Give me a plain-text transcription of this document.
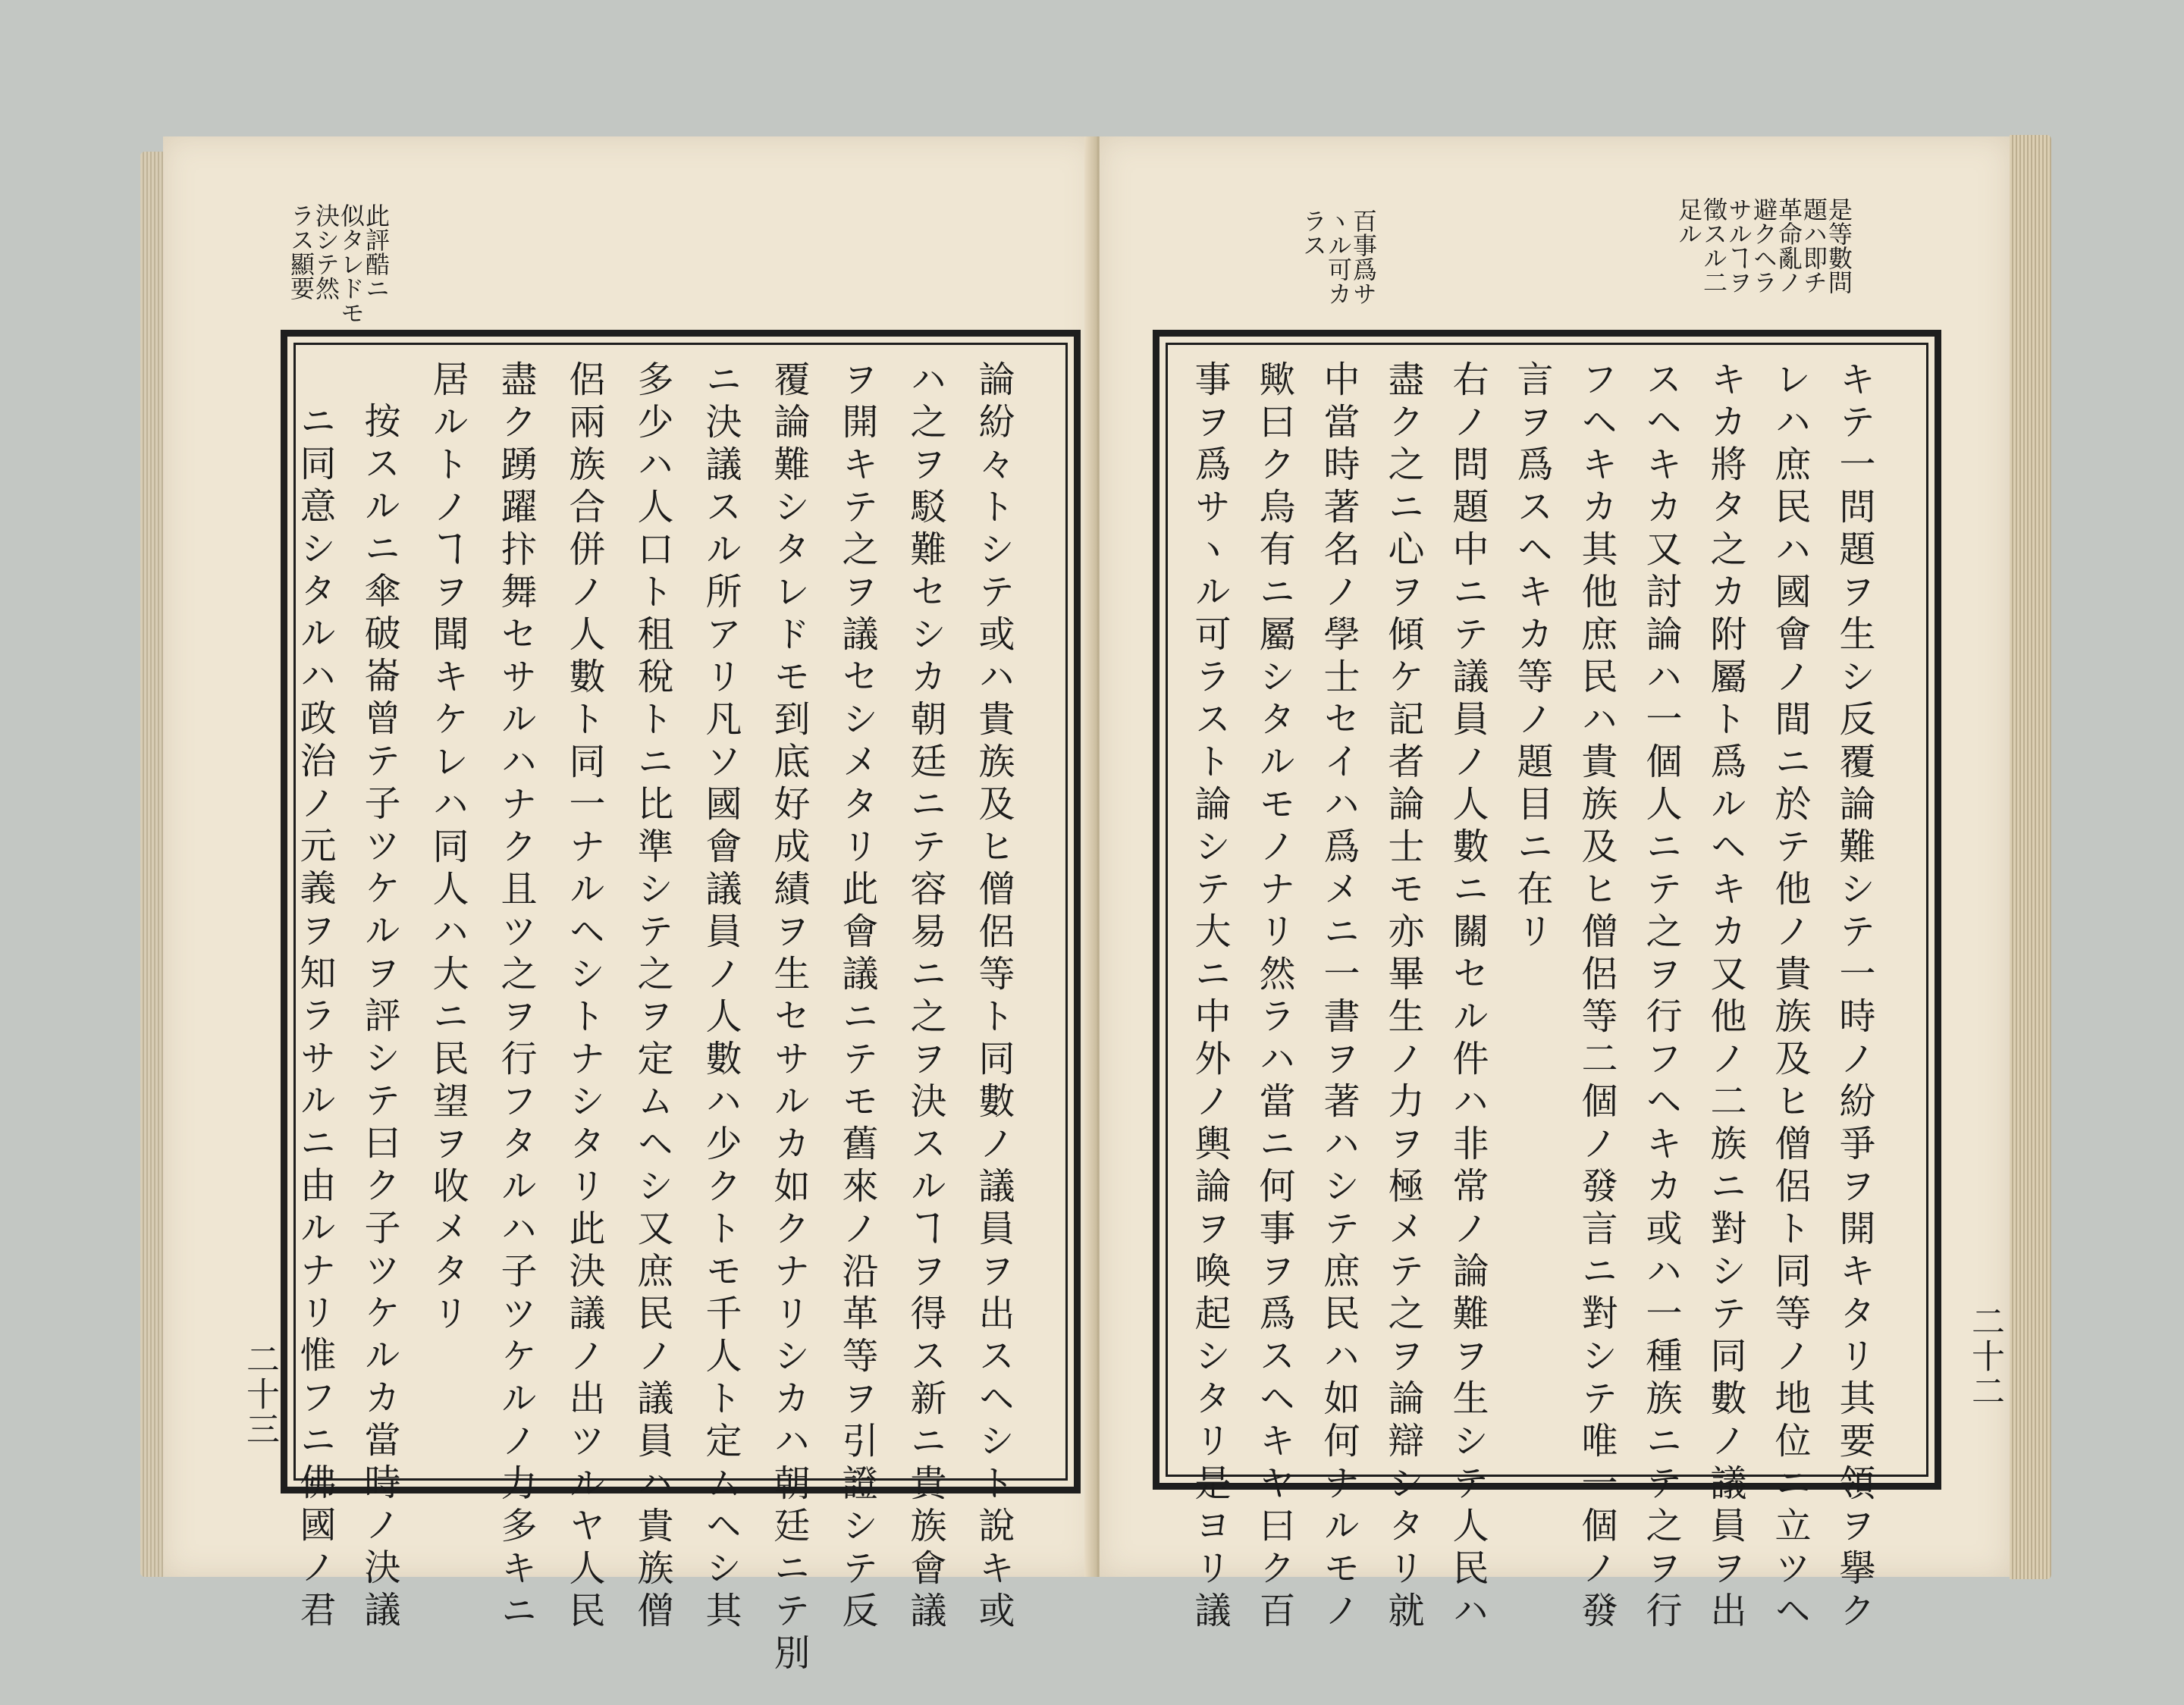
此評酷ニ
似タレドモ
決シテ然
ラス顯要
論紛々トシテ或ハ貴族及ヒ僧侶等ト同數ノ議員ヲ出スヘシト說キ或
ハ之ヲ駁難セシカ朝廷ニテ容易ニ之ヲ決スルヿヲ得ス新ニ貴族會議
ヲ開キテ之ヲ議セシメタリ此會議ニテモ舊來ノ沿革等ヲ引證シテ反
覆論難シタレドモ到底好成績ヲ生セサルカ如クナリシカハ朝廷ニテ別
ニ決議スル所アリ凡ソ國會議員ノ人數ハ少クトモ千人ト定ムヘシ其
多少ハ人口ト租稅トニ比準シテ之ヲ定ムヘシ又庶民ノ議員ハ貴族僧
侶兩族合併ノ人數ト同一ナルヘシトナシタリ此決議ノ出ツルヤ人民
盡ク踴躍抃舞セサルハナク且ツ之ヲ行フタルハ子ツケルノ力多キニ
居ルトノヿヲ聞キケレハ同人ハ大ニ民望ヲ收メタリ
按スルニ傘破崙曾テ子ツケルヲ評シテ曰ク子ツケルカ當時ノ決議
ニ同意シタルハ政治ノ元義ヲ知ラサルニ由ルナリ惟フニ佛國ノ君
二十三
是等數問
題ハ即チ
革命亂ノ
避クヘラ
サルヿヲ
徵スル二
足ル
百事爲サ
ヽル可カ
ラス
キテ一問題ヲ生シ反覆論難シテ一時ノ紛爭ヲ開キタリ其要領ヲ擧ク
レハ庶民ハ國會ノ間ニ於テ他ノ貴族及ヒ僧侶ト同等ノ地位ニ立ツヘ
キカ將タ之カ附屬ト爲ルヘキカ又他ノ二族ニ對シテ同數ノ議員ヲ出
スヘキカ又討論ハ一個人ニテ之ヲ行フヘキカ或ハ一種族ニテ之ヲ行
フヘキカ其他庶民ハ貴族及ヒ僧侶等二個ノ發言ニ對シテ唯一個ノ發
言ヲ爲スヘキカ等ノ題目ニ在リ
右ノ問題中ニテ議員ノ人數ニ關セル件ハ非常ノ論難ヲ生シテ人民ハ
盡ク之ニ心ヲ傾ケ記者論士モ亦畢生ノ力ヲ極メテ之ヲ論辯シタリ就
中當時著名ノ學士セイハ爲メニ一書ヲ著ハシテ庶民ハ如何ナルモノ
歟曰ク烏有ニ屬シタルモノナリ然ラハ當ニ何事ヲ爲スヘキヤ曰ク百
事ヲ爲サヽル可ラスト論シテ大ニ中外ノ輿論ヲ喚起シタリ是ヨリ議	二十二
